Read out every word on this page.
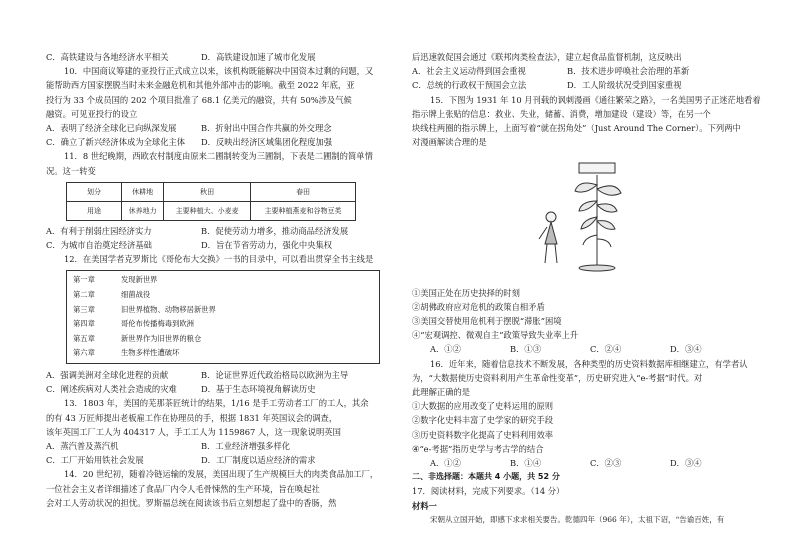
C．高铁建设与各地经济水平相关	D．高铁建设加速了城市化发展
10．中国商议筹建的亚投行正式成立以来，该机构既能解决中国资本过剩的问题，又
能帮助西方国家摆脱当时未来金融危机和其他外部冲击的影响。截至 2022 年底，亚
投行为 33 个成员国的 202 个项目批准了 68.1 亿美元的融资，共有 50%涉及气候
融资。可见亚投行的设立
A．表明了经济全球化已向纵深发展	B．折射出中国合作共赢的外交理念
C．确立了新兴经济体成为全球化主体	D．反映出经济区域集团化程度加强
11．8 世纪晚期，西欧农村制度由原来二圃制转变为三圃制，下表是二圃制的简单情
况。这一转变
划分	休耕地	秋田	春田
用途	休养地力	主要种植大、小麦麦	主要种植燕麦和谷物豆类
A．有利于削弱庄园经济实力	B．促使劳动力增多，推动商品经济发展
C．为城市自治奠定经济基础	D．旨在节省劳动力，强化中央集权
12．在美国学者克罗斯比《哥伦布大交换》一书的目录中，可以看出贯穿全书主线是
第一章	发现新世界
第二章	细菌战役
第三章	旧世界植物、动物移居新世界
第四章	哥伦布传播梅毒到欧洲
第五章	新世界作为旧世界的粮仓
第六章	生物多样性遭破坏
A．强调美洲对全球化进程的贡献	B．论证世界近代政治格局以欧洲为主导
C．阐述疾病对人类社会造成的灾难	D．基于生态环境视角解读历史
13．1803 年，美国的芜那茶匠统计的结果，1/16 是手工劳动者工厂的工人，其余
的有 43 万匠师提出老板雇工作在协理员的手，根据 1831 年英国议会的调查，
该年英国工厂工人为 404317 人，手工工人为 1159867 人，这一现象说明英国
A．蒸汽普及蒸汽机	B．工业经济增强多样化
C．工厂开始用铁社会发展	D．工厂制度以适应经济的需求
14．20 世纪初，随着冷链运输的发展，美国出现了生产规模巨大的肉类食品加工厂，
一位社会主义者详细描述了食品厂内令人毛骨悚然的生产环境，旨在唤起社
会对工人劳动状况的担忧。罗斯福总统在阅读该书后立刻想起了盘中的香肠，然
后迅速敦促国会通过《联邦肉类检查法》，建立起食品监督机制，这反映出
A．社会主义运动得到国会重视	B．技术进步呼唤社会治理的革新
C．总统的行政权干预国会立法	D．工人阶级状况受到国家重视
15．下图为 1931 年 10 月刊载的讽刺漫画《通往繁荣之路》，一名美国男子正迷茫地看着
指示牌上张贴的信息：救业、失业，储蓄、消费，增加建设（建设）等，在另一个
块线柱两圈的指示牌上，上面写着“就在拐角处”（Just Around The Corner）。下列两中
对漫画解读合理的是
①美国正处在历史抉择的时刻
②胡佛政府应对危机的政策自相矛盾
③美国交替使用危机利于摆脱“滞胀”困境
④“宏观调控、微观自主”政策导致失业率上升
A．①②	B．①③	C．②④	D．③④
16．近年来，随着信息技术不断发展，各种类型的历史资料数据库相继建立，有学者认
为，“大数据使历史资料利用产生革命性变革”，历史研究进入“e-考据”时代。对
此理解正确的是
①大数据的应用改变了史料运用的原则
②数字化史料丰富了史学家的研究手段
③历史资料数字化提高了史料利用效率
④“e-考据”指历史学与考古学的结合
A．①②	B．①④	C．②③	D．③④
二、非选择题：本题共 4 小题，共 52 分
17．阅读材料，完成下列要求。（14 分）
材料一
宋朝从立国开始，即感下求求相关要告。乾德四年（966 年），太祖下诏，“告谕百姓，有
